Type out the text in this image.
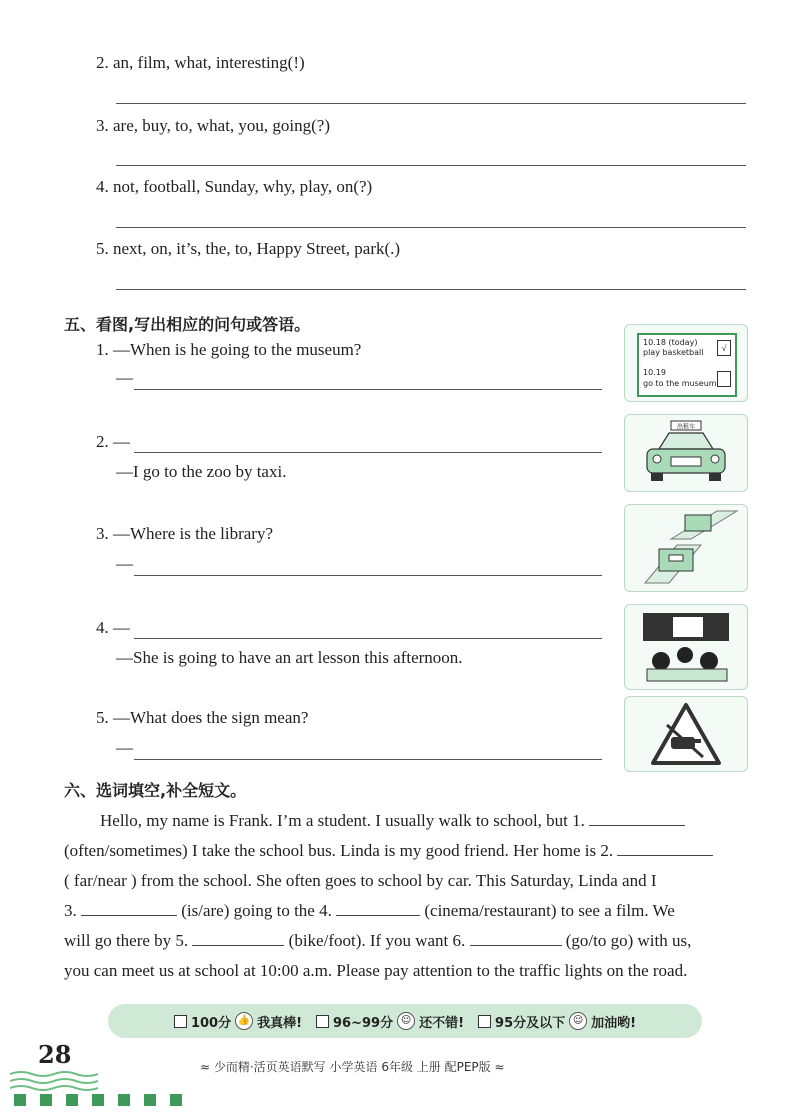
2. an, film, what, interesting(!)
3. are, buy, to, what, you, going(?)
4. not, football, Sunday, why, play, on(?)
5. next, on, it’s, the, to, Happy Street, park(.)
五、看图,写出相应的问句或答语。
1. —When is he going to the museum?
—
10.18 (today)
play basketball	√
10.19
go to the museum
2. —
—I go to the zoo by taxi.
出租车
3. —Where is the library?
—
4. —
—She is going to have an art lesson this afternoon.
5. —What does the sign mean?
—
六、选词填空,补全短文。
Hello, my name is Frank. I’m a student. I usually walk to school, but 1.
(often/sometimes) I take the school bus. Linda is my good friend. Her home is 2.
( far/near ) from the school. She often goes to school by car. This Saturday, Linda and I
3.	(is/are) going to the 4.	(cinema/restaurant) to see a film. We
will go there by 5.	(bike/foot). If you want 6.	(go/to go) with us,
you can meet us at school at 10:00 a.m. Please pay attention to the traffic lights on the road.
100分 👍 我真棒! 96~99分 ☺ 还不错! 95分及以下 ☺ 加油哟!
28	≈ 少而精·活页英语默写 小学英语 6年级 上册 配PEP版 ≈
